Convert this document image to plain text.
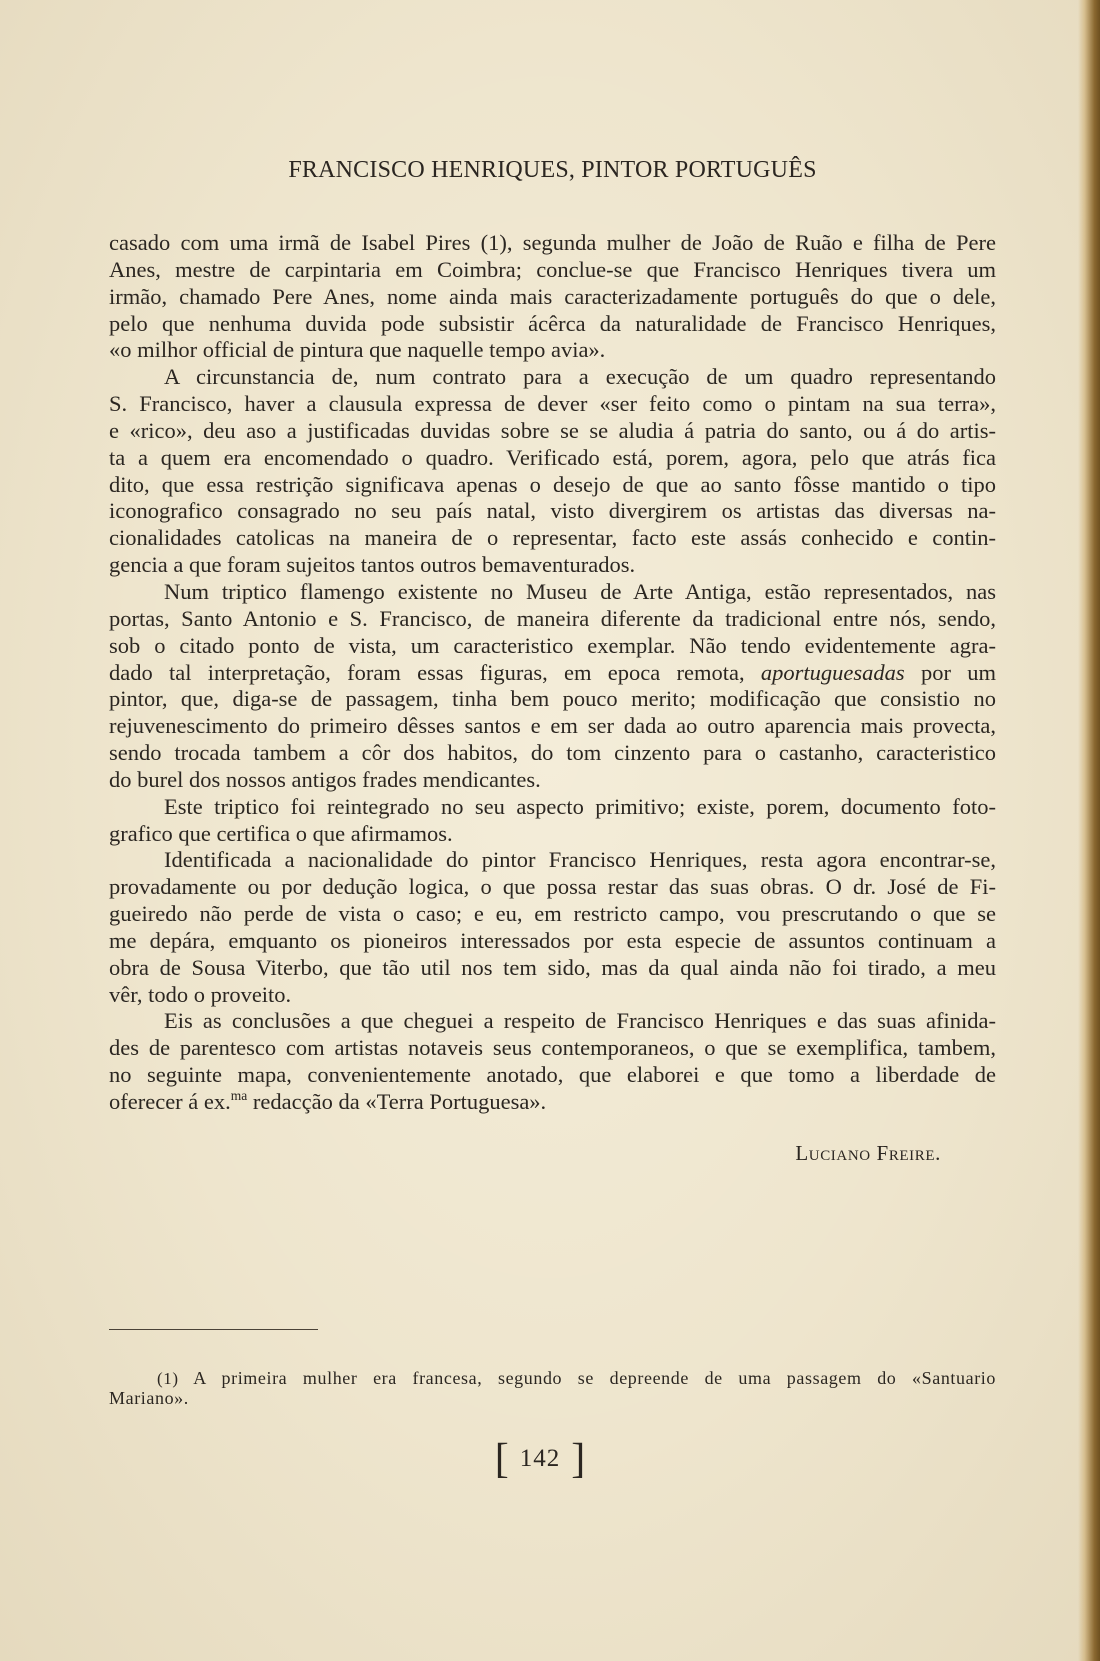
FRANCISCO HENRIQUES, PINTOR PORTUGUÊS
casado com uma irmã de Isabel Pires (1), segunda mulher de João de Ruão e filha de Pere
Anes, mestre de carpintaria em Coimbra; conclue-se que Francisco Henriques tivera um
irmão, chamado Pere Anes, nome ainda mais caracterizadamente português do que o dele,
pelo que nenhuma duvida pode subsistir ácêrca da naturalidade de Francisco Henriques,
«o milhor official de pintura que naquelle tempo avia».
A circunstancia de, num contrato para a execução de um quadro representando
S. Francisco, haver a clausula expressa de dever «ser feito como o pintam na sua terra»,
e «rico», deu aso a justificadas duvidas sobre se se aludia á patria do santo, ou á do artis-
ta a quem era encomendado o quadro. Verificado está, porem, agora, pelo que atrás fica
dito, que essa restrição significava apenas o desejo de que ao santo fôsse mantido o tipo
iconografico consagrado no seu país natal, visto divergirem os artistas das diversas na-
cionalidades catolicas na maneira de o representar, facto este assás conhecido e contin-
gencia a que foram sujeitos tantos outros bemaventurados.
Num triptico flamengo existente no Museu de Arte Antiga, estão representados, nas
portas, Santo Antonio e S. Francisco, de maneira diferente da tradicional entre nós, sendo,
sob o citado ponto de vista, um caracteristico exemplar. Não tendo evidentemente agra-
dado tal interpretação, foram essas figuras, em epoca remota, aportuguesadas por um
pintor, que, diga-se de passagem, tinha bem pouco merito; modificação que consistio no
rejuvenescimento do primeiro dêsses santos e em ser dada ao outro aparencia mais provecta,
sendo trocada tambem a côr dos habitos, do tom cinzento para o castanho, caracteristico
do burel dos nossos antigos frades mendicantes.
Este triptico foi reintegrado no seu aspecto primitivo; existe, porem, documento foto-
grafico que certifica o que afirmamos.
Identificada a nacionalidade do pintor Francisco Henriques, resta agora encontrar-se,
provadamente ou por dedução logica, o que possa restar das suas obras. O dr. José de Fi-
gueiredo não perde de vista o caso; e eu, em restricto campo, vou prescrutando o que se
me depára, emquanto os pioneiros interessados por esta especie de assuntos continuam a
obra de Sousa Viterbo, que tão util nos tem sido, mas da qual ainda não foi tirado, a meu
vêr, todo o proveito.
Eis as conclusões a que cheguei a respeito de Francisco Henriques e das suas afinida-
des de parentesco com artistas notaveis seus contemporaneos, o que se exemplifica, tambem,
no seguinte mapa, convenientemente anotado, que elaborei e que tomo a liberdade de
oferecer á ex.$^{ma}$ redacção da «Terra Portuguesa».
Luciano Freire.
(1) A primeira mulher era francesa, segundo se depreende de uma passagem do «Santuario
Mariano».
[ 142 ]
